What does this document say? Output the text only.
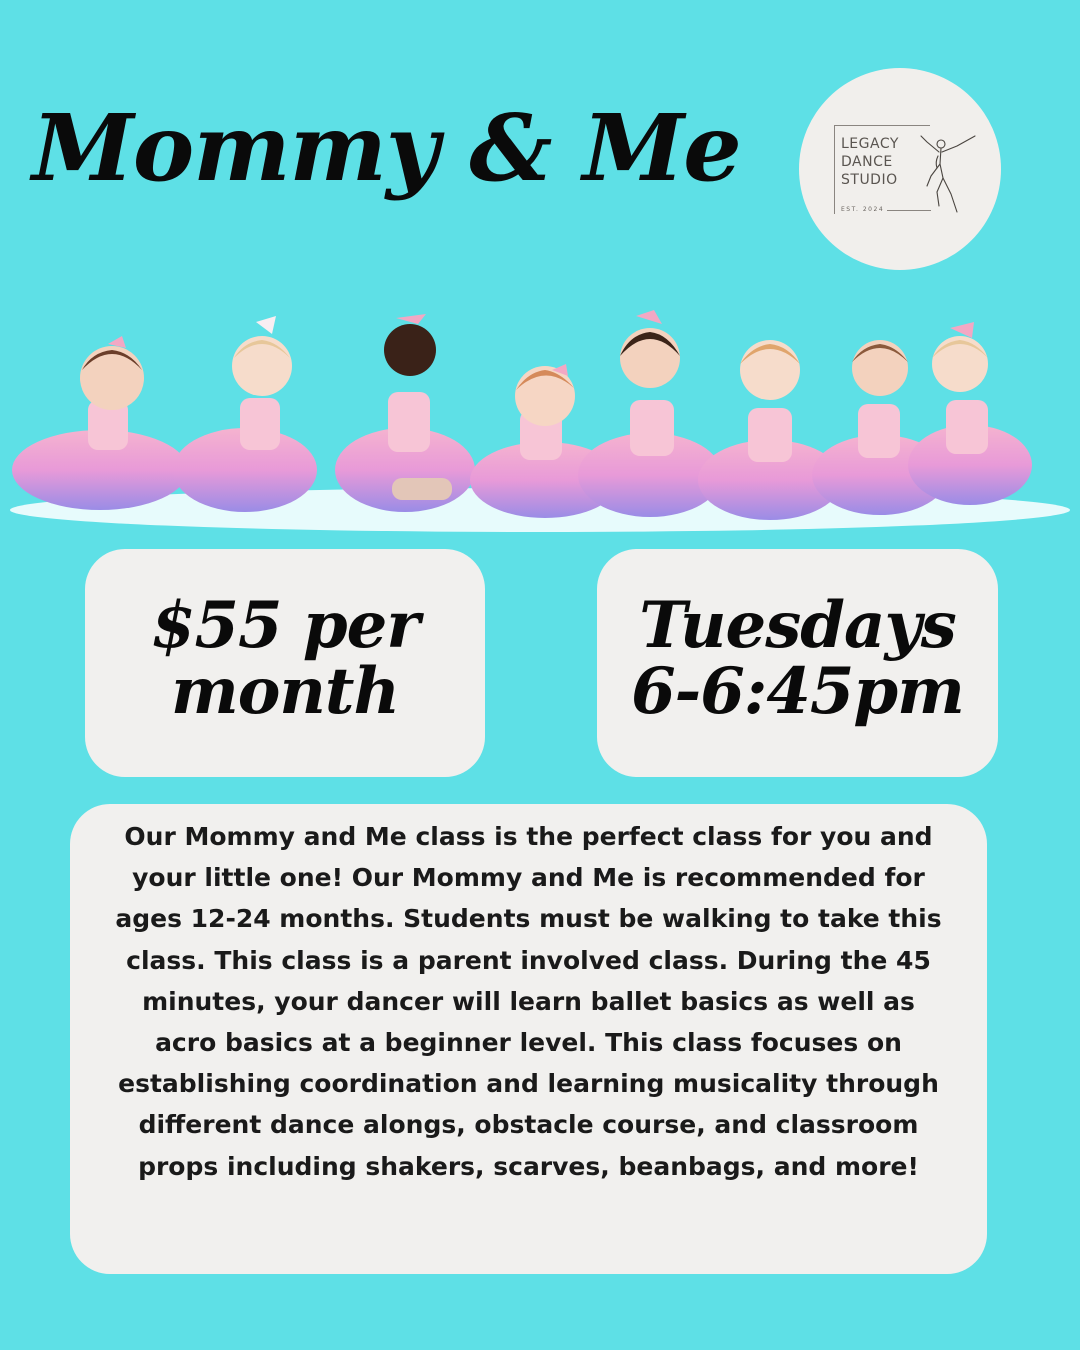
Mommy & Me	LEGACY
DANCE
STUDIO
EST. 2024
$55 per
month
Tuesdays
6-6:45pm

Our Mommy and Me class is the perfect class for you and your little one! Our Mommy and Me is recommended for ages 12-24 months. Students must be walking to take this class. This class is a parent involved class. During the 45 minutes, your dancer will learn ballet basics as well as acro basics at a beginner level. This class focuses on establishing coordination and learning musicality through different dance alongs, obstacle course, and classroom props including shakers, scarves, beanbags, and more!
